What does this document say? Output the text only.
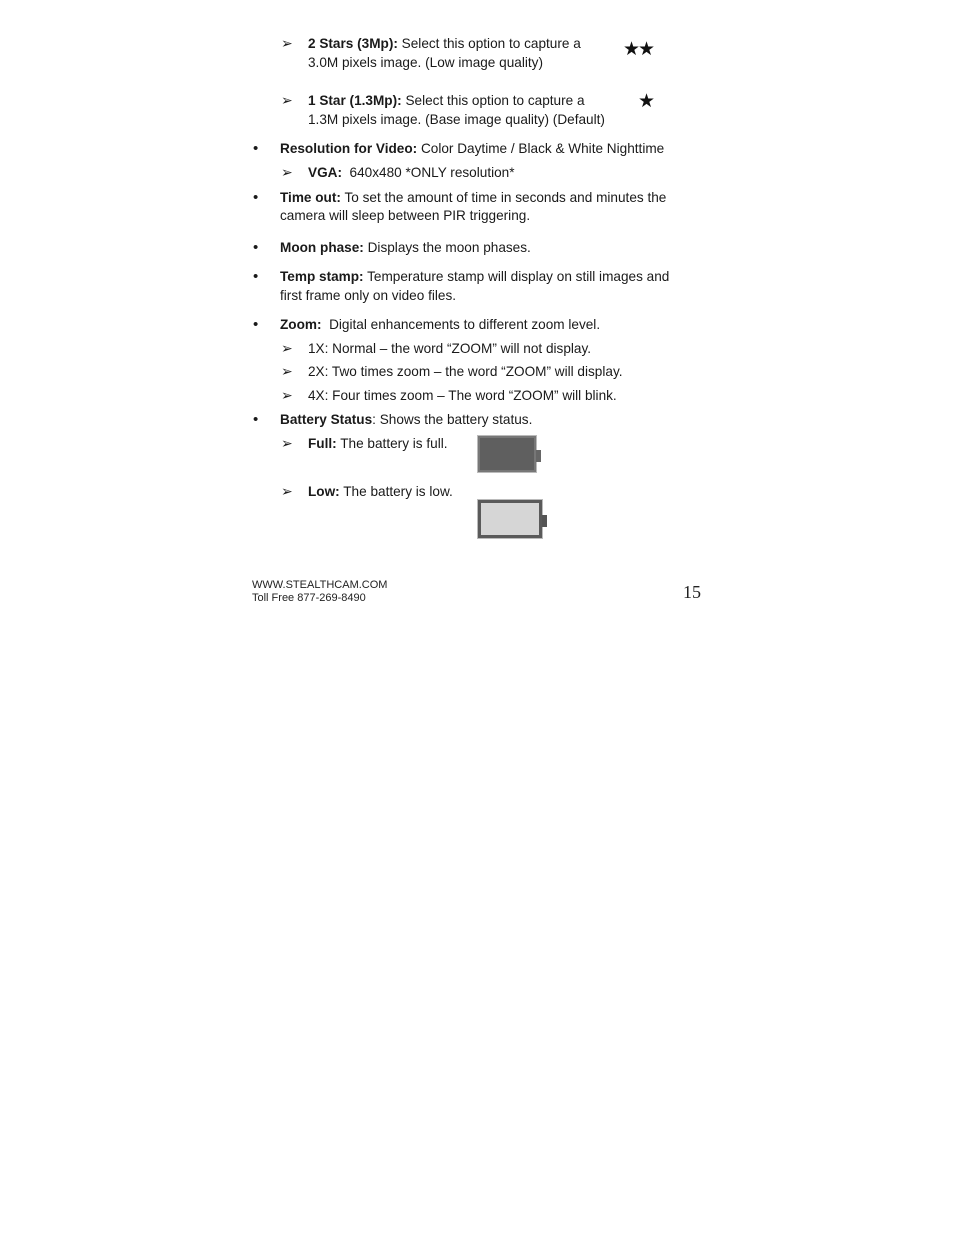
➢ 2 Stars (3Mp): Select this option to capture a
3.0M pixels image. (Low image quality)
★★
➢ 1 Star (1.3Mp): Select this option to capture a
1.3M pixels image. (Base image quality) (Default)
★
• Resolution for Video: Color Daytime / Black & White Nighttime
➢ VGA:  640x480 *ONLY resolution*
• Time out: To set the amount of time in seconds and minutes the
camera will sleep between PIR triggering.
• Moon phase: Displays the moon phases.
• Temp stamp: Temperature stamp will display on still images and
first frame only on video files.
• Zoom:  Digital enhancements to different zoom level.
➢ 1X: Normal – the word “ZOOM” will not display.
➢ 2X: Two times zoom – the word “ZOOM” will display.
➢ 4X: Four times zoom – The word “ZOOM” will blink.
• Battery Status: Shows the battery status.
➢ Full: The battery is full.
➢ Low: The battery is low.
WWW.STEALTHCAM.COM
Toll Free 877-269-8490	15
